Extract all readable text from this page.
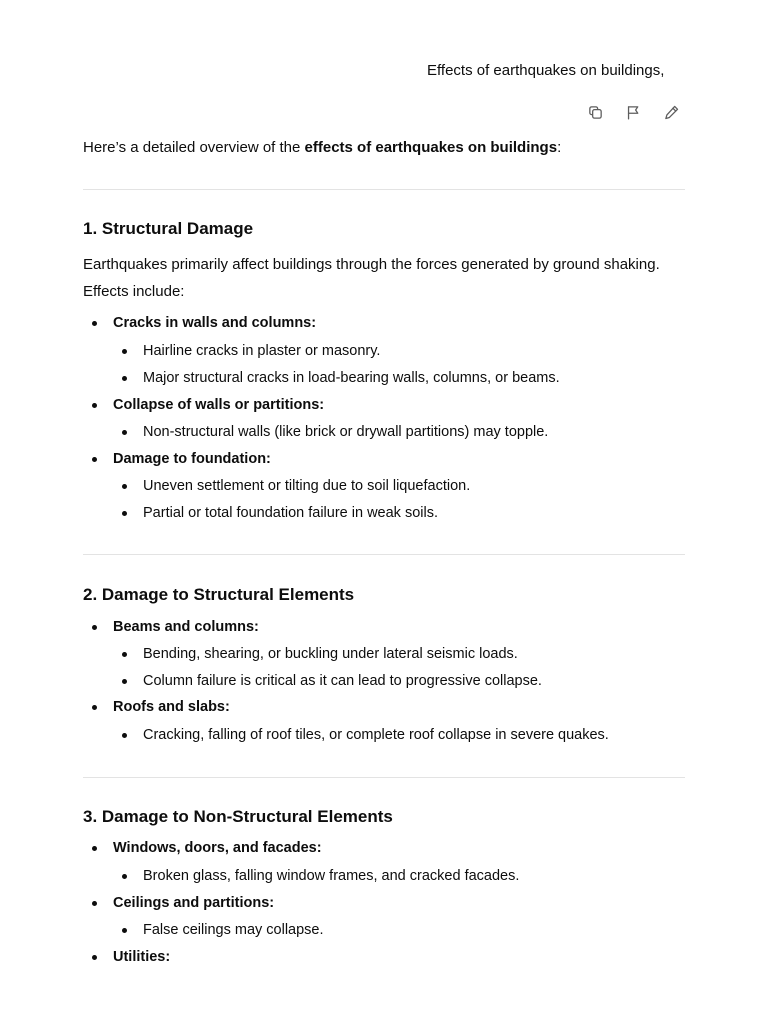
Effects of earthquakes on buildings,
Here’s a detailed overview of the effects of earthquakes on buildings:
1. Structural Damage
Earthquakes primarily affect buildings through the forces generated by ground shaking. Effects include:
Cracks in walls and columns:
Hairline cracks in plaster or masonry.
Major structural cracks in load-bearing walls, columns, or beams.
Collapse of walls or partitions:
Non-structural walls (like brick or drywall partitions) may topple.
Damage to foundation:
Uneven settlement or tilting due to soil liquefaction.
Partial or total foundation failure in weak soils.
2. Damage to Structural Elements
Beams and columns:
Bending, shearing, or buckling under lateral seismic loads.
Column failure is critical as it can lead to progressive collapse.
Roofs and slabs:
Cracking, falling of roof tiles, or complete roof collapse in severe quakes.
3. Damage to Non-Structural Elements
Windows, doors, and facades:
Broken glass, falling window frames, and cracked facades.
Ceilings and partitions:
False ceilings may collapse.
Utilities:
